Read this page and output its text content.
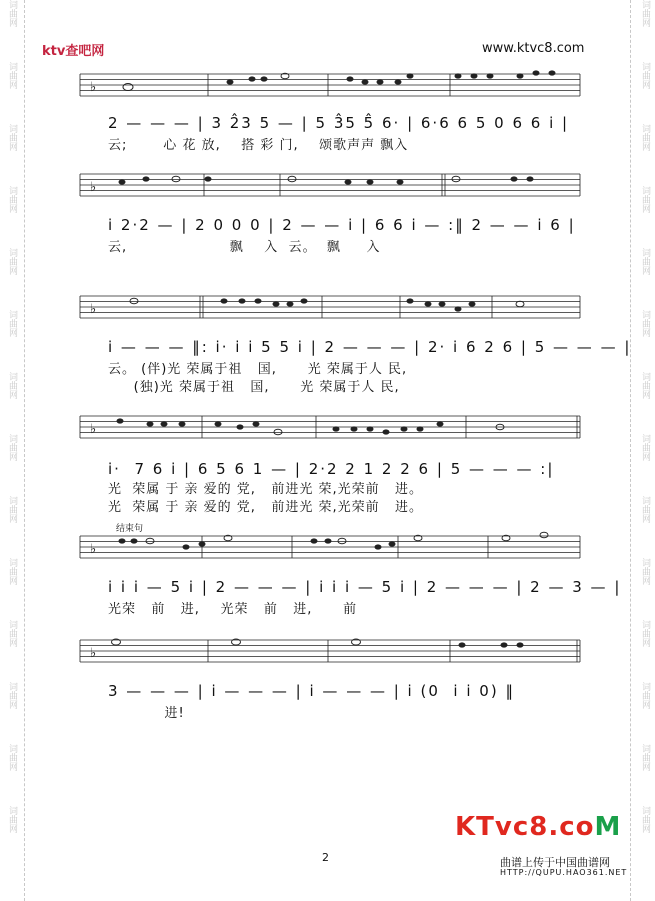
词曲网
词曲网
词曲网
词曲网
词曲网
词曲网
词曲网
词曲网
词曲网
词曲网
词曲网
词曲网
词曲网
词曲网
词曲网
词曲网
词曲网
词曲网
词曲网
词曲网
词曲网
词曲网
词曲网
词曲网
词曲网
词曲网
词曲网
词曲网
ktv查吧网	www.ktvc8.com
♭
2 — — — | 3 2̂3 5 — | 5 3̂5 5̂ 6· | 6·6 6 5 0 6 6 i |
云;       心 花 放,    搭 彩 门,    颂歌声声 飘入
♭
i 2·2 — | 2 0 0 0 | 2 — — i | 6 6 i — :‖ 2 — — i 6 |
云,                    飘    入  云。  飘     入
♭
i — — — ‖: i· i i 5 5 i | 2 — — — | 2· i 6 2 6 | 5 — — — |
云。 (伴)光 荣属于祖   国,      光 荣属于人 民,
(独)光 荣属于祖   国,      光 荣属于人 民,
♭
i·  7 6 i | 6 5 6 1 — | 2·2 2 1 2 2 6 | 5 — — — :|
光  荣属 于 亲 爱的 党,   前进光 荣,光荣前   进。
光  荣属 于 亲 爱的 党,   前进光 荣,光荣前   进。
结束句
♭
i i i — 5 i | 2 — — — | i i i — 5 i | 2 — — — | 2 — 3 — |
光荣   前   进,    光荣   前   进,      前
♭
3 — — — | i — — — | i — — — | i (0  i i 0) ‖
进!
2
KTvc8.coM
曲谱上传于中国曲谱网
HTTP://QUPU.HAO361.NET
